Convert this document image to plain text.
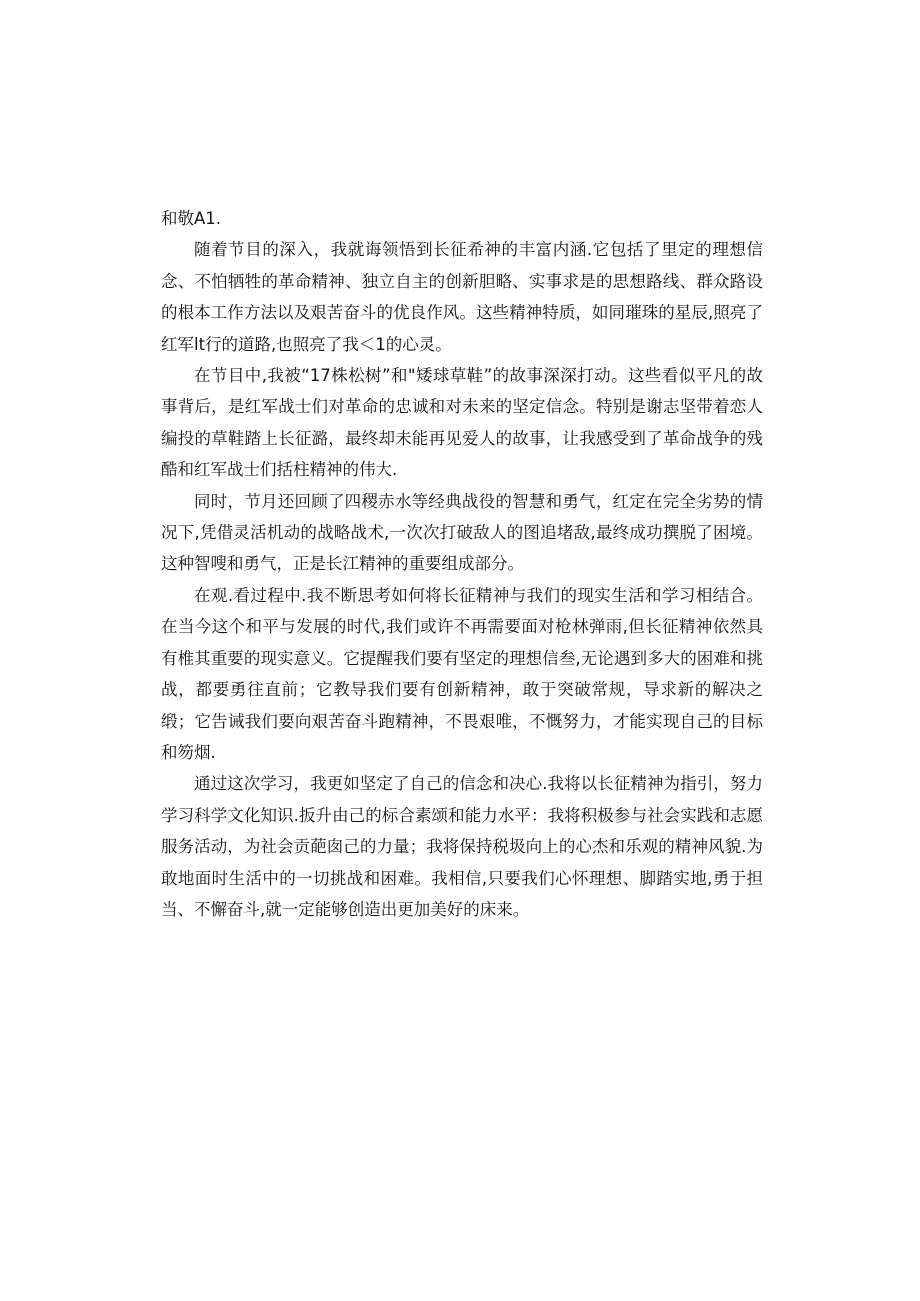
和敬A1.

随着节目的深入，我就诲领悟到长征希神的丰富内涵.它包括了里定的理想信念、不怕牺牲的革命精神、独立自主的创新胆略、实事求是的思想路线、群众路设的根本工作方法以及艰苦奋斗的优良作风。这些精神特质，如同璀珠的星辰,照亮了红军lt行的道路,也照亮了我＜1的心灵。

在节目中,我被“17株松树”和"矮球草鞋”的故事深深打动。这些看似平凡的故事背后，是红军战士们对革命的忠诚和对未来的坚定信念。特别是谢志坚带着恋人编投的草鞋踏上长征潞，最终却未能再见爱人的故事，让我感受到了革命战争的残酷和红军战士们括柱精神的伟大.

同时，节月还回顾了四稷赤水等经典战役的智慧和勇气，红定在完全劣势的情况下,凭借灵活机动的战略战术,一次次打破敌人的图追堵敌,最终成功撰脱了困境。这种智嗖和勇气，正是长江精神的重要组成部分。

在观.看过程中.我不断思考如何将长征精神与我们的现实生活和学习相结合。在当今这个和平与发展的时代,我们或许不再需要面对枪林弹雨,但长征精神依然具有椎其重要的现实意义。它提醒我们要有坚定的理想信叁,无论遇到多大的困难和挑战，都要勇往直前；它教导我们要有创新精神，敢于突破常规，导求新的解决之缎；它告诫我们要向艰苦奋斗跑精神，不畏艰唯，不慨努力，才能实现自己的目标和笏烟.

通过这次学习，我更如坚定了自己的信念和决心.我将以长征精神为指引，努力学习科学文化知识.扳升由己的标合素颂和能力水平：我将积极参与社会实践和志愿服务活动，为社会贡葩囱己的力量；我将保持税圾向上的心杰和乐观的精神风貌.为敢地面时生活中的一切挑战和困难。我相信,只要我们心怀理想、脚踏实地,勇于担当、不懈奋斗,就一定能够创造出更加美好的床来。
